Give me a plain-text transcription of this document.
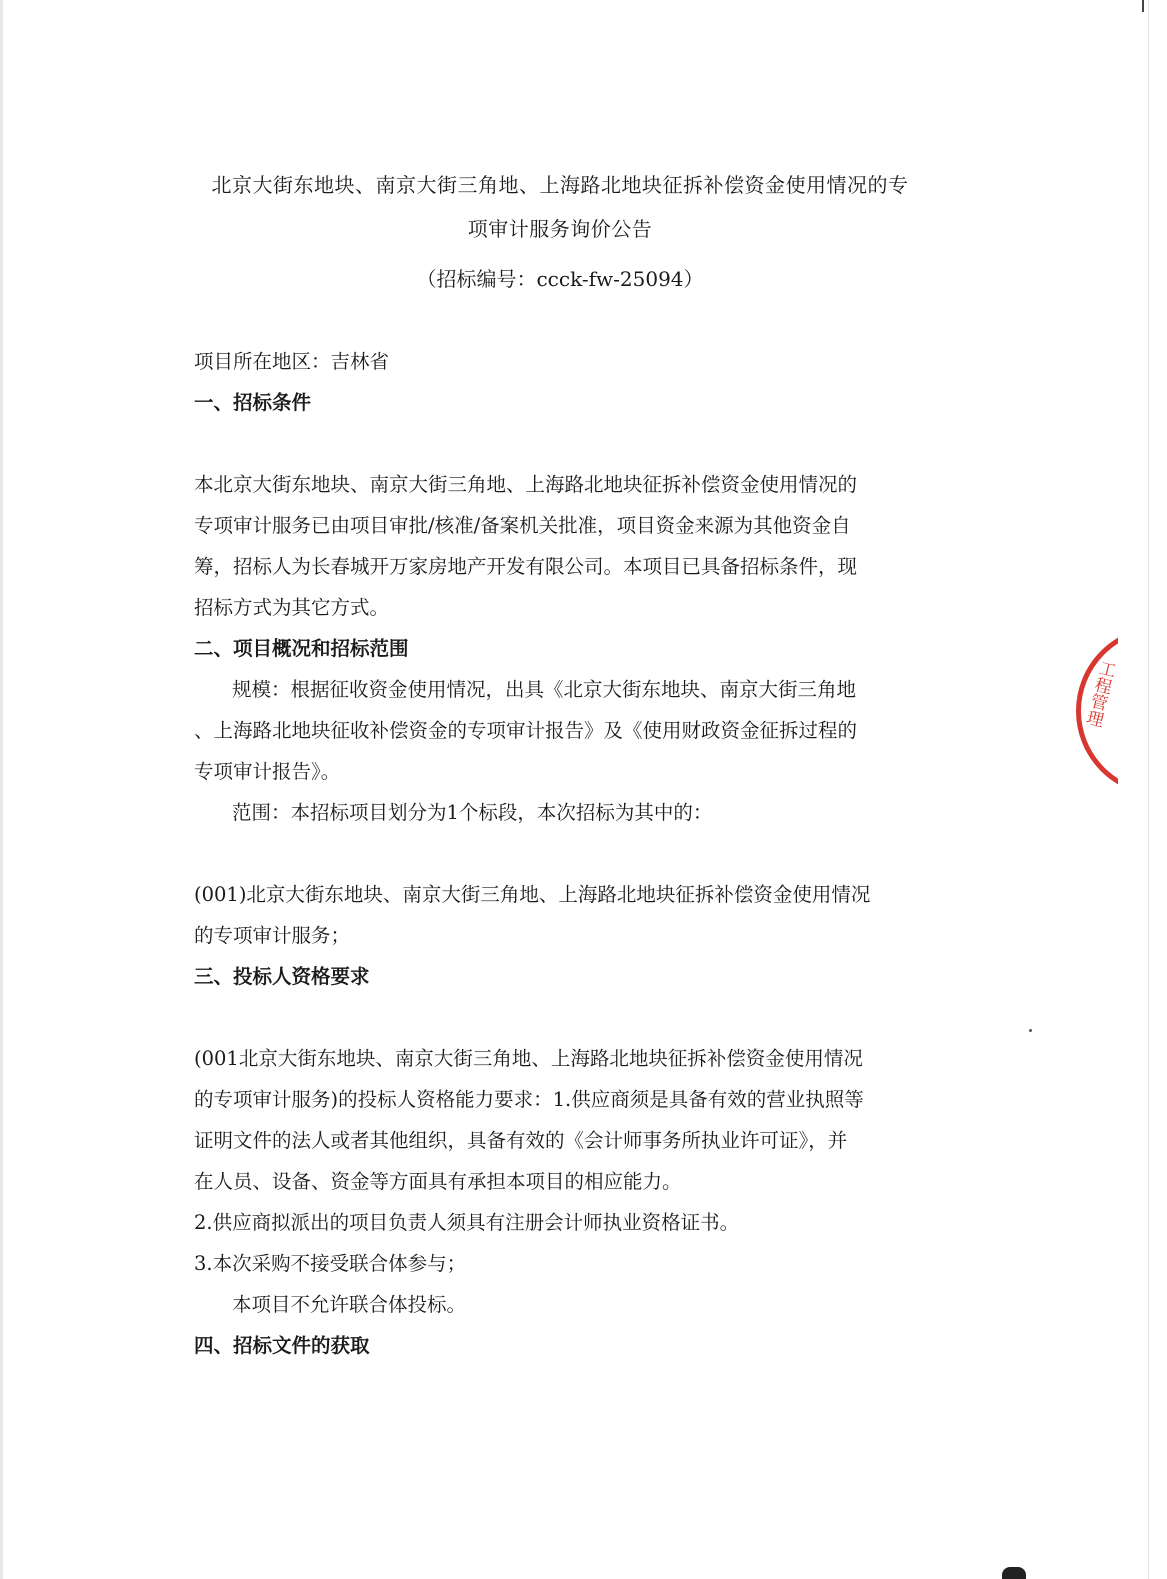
北京大街东地块、南京大街三角地、上海路北地块征拆补偿资金使用情况的专
项审计服务询价公告
（招标编号：ccck-fw-25094）
项目所在地区：吉林省
一、招标条件
本北京大街东地块、南京大街三角地、上海路北地块征拆补偿资金使用情况的
专项审计服务已由项目审批/核准/备案机关批准，项目资金来源为其他资金自
筹，招标人为长春城开万家房地产开发有限公司。本项目已具备招标条件，现
招标方式为其它方式。
二、项目概况和招标范围
规模：根据征收资金使用情况，出具《北京大街东地块、南京大街三角地
、上海路北地块征收补偿资金的专项审计报告》及《使用财政资金征拆过程的
专项审计报告》。
范围：本招标项目划分为1个标段，本次招标为其中的：
(001)北京大街东地块、南京大街三角地、上海路北地块征拆补偿资金使用情况
的专项审计服务；
三、投标人资格要求
(001北京大街东地块、南京大街三角地、上海路北地块征拆补偿资金使用情况
的专项审计服务)的投标人资格能力要求：1.供应商须是具备有效的营业执照等
证明文件的法人或者其他组织，具备有效的《会计师事务所执业许可证》，并
在人员、设备、资金等方面具有承担本项目的相应能力。
2.供应商拟派出的项目负责人须具有注册会计师执业资格证书。
3.本次采购不接受联合体参与；
本项目不允许联合体投标。
四、招标文件的获取
工程管理
